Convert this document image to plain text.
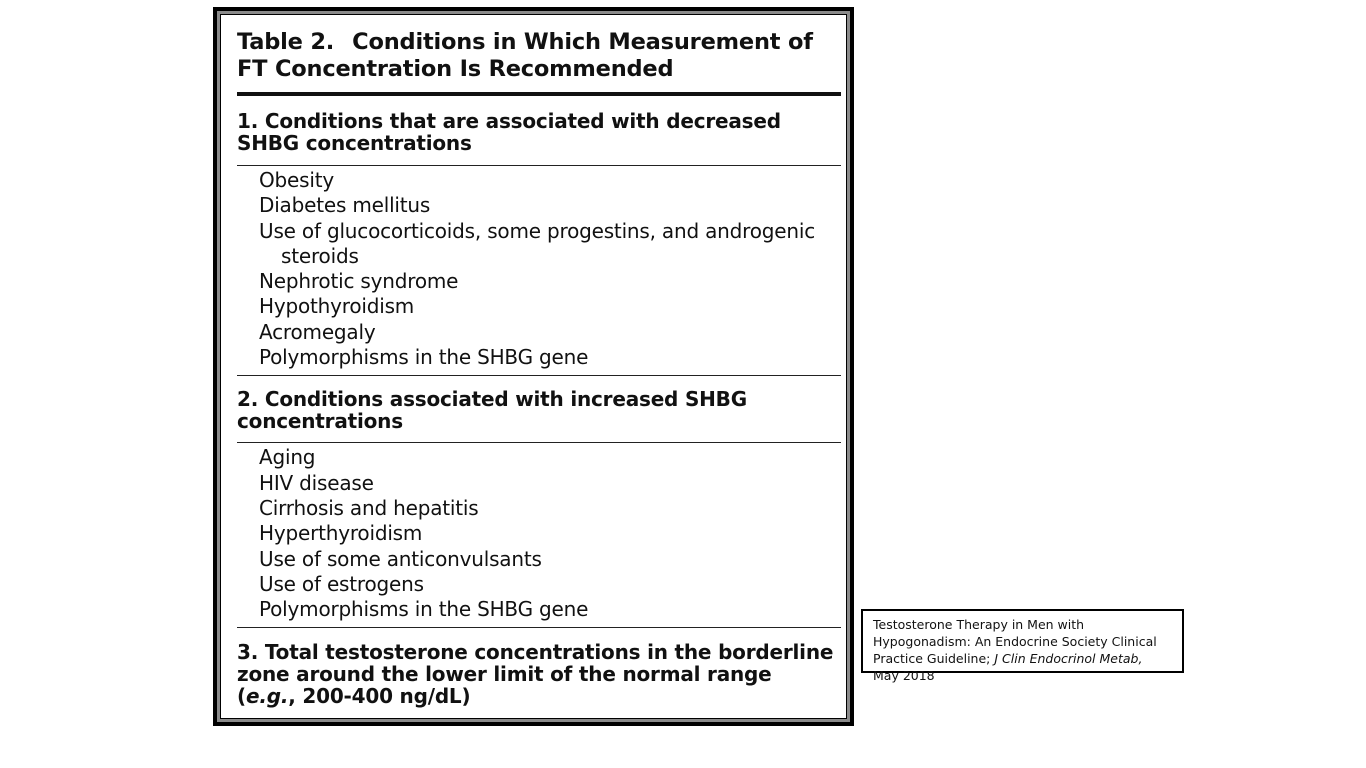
Table 2. Conditions in Which Measurement of FT Concentration Is Recommended
1. Conditions that are associated with decreased SHBG concentrations
Obesity
Diabetes mellitus
Use of glucocorticoids, some progestins, and androgenic steroids
Nephrotic syndrome
Hypothyroidism
Acromegaly
Polymorphisms in the SHBG gene
2. Conditions associated with increased SHBG concentrations
Aging
HIV disease
Cirrhosis and hepatitis
Hyperthyroidism
Use of some anticonvulsants
Use of estrogens
Polymorphisms in the SHBG gene
3. Total testosterone concentrations in the borderline zone around the lower limit of the normal range
(e.g., 200-400 ng/dL)
Testosterone Therapy in Men with Hypogonadism: An Endocrine Society Clinical Practice Guideline; J Clin Endocrinol Metab,
May 2018
